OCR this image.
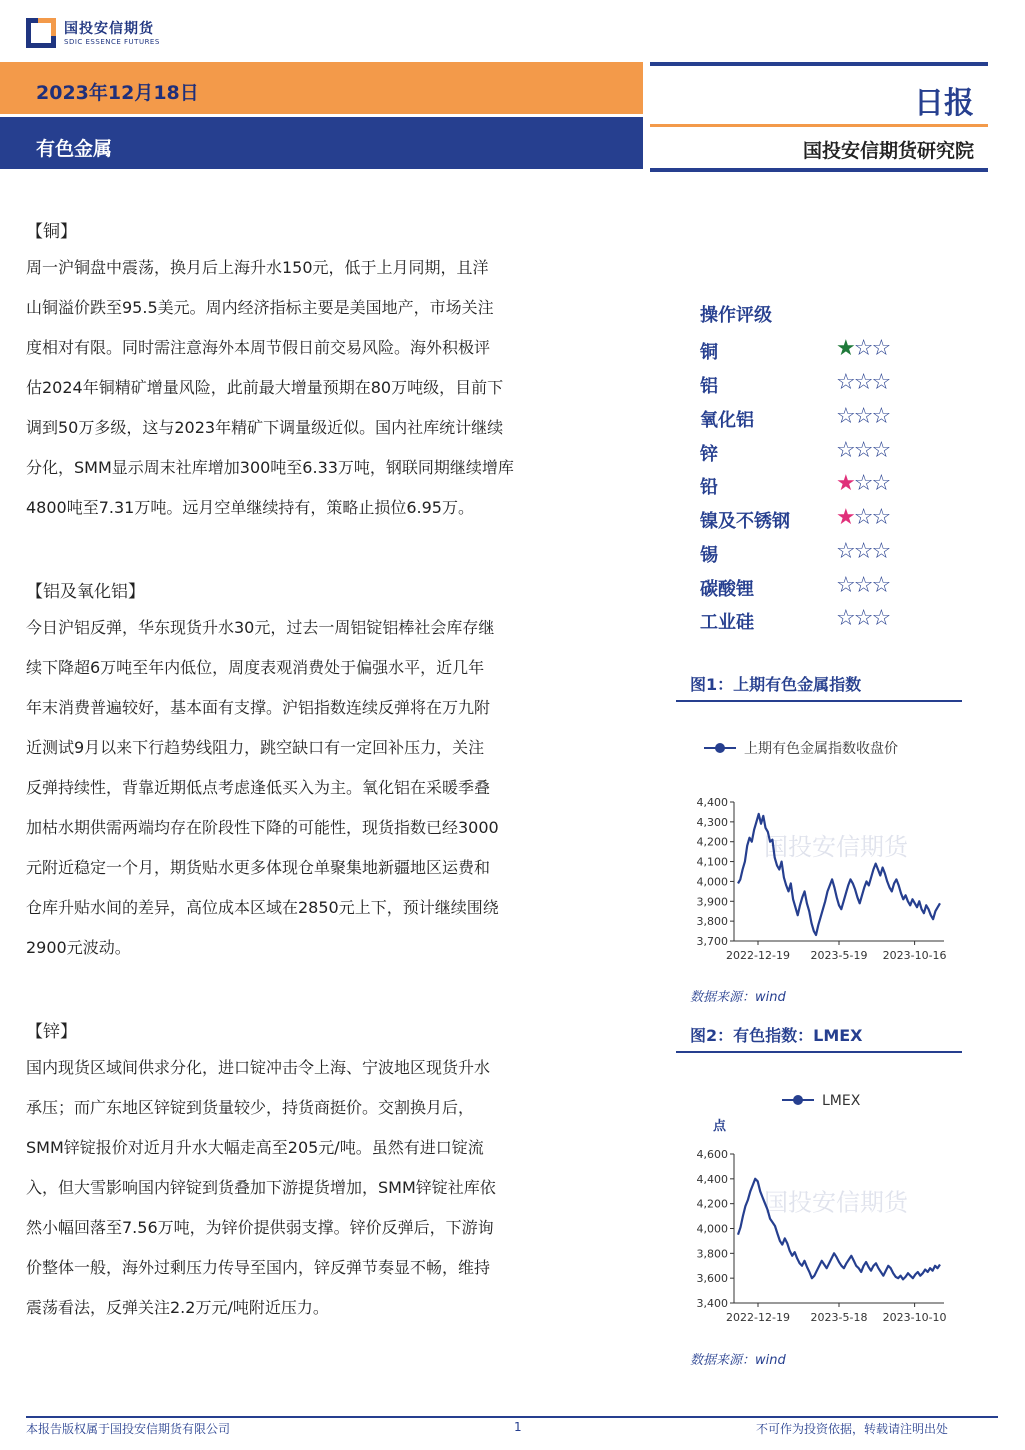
国投安信期货
SDIC ESSENCE FUTURES
2023年12月18日
有色金属
日报
国投安信期货研究院
【铜】
周一沪铜盘中震荡，换月后上海升水150元，低于上月同期，且洋
山铜溢价跌至95.5美元。周内经济指标主要是美国地产，市场关注
度相对有限。同时需注意海外本周节假日前交易风险。海外积极评
估2024年铜精矿增量风险，此前最大增量预期在80万吨级，目前下
调到50万多级，这与2023年精矿下调量级近似。国内社库统计继续
分化，SMM显示周末社库增加300吨至6.33万吨，钢联同期继续增库
4800吨至7.31万吨。远月空单继续持有，策略止损位6.95万。
【铝及氧化铝】
今日沪铝反弹，华东现货升水30元，过去一周铝锭铝棒社会库存继
续下降超6万吨至年内低位，周度表观消费处于偏强水平，近几年
年末消费普遍较好，基本面有支撑。沪铝指数连续反弹将在万九附
近测试9月以来下行趋势线阻力，跳空缺口有一定回补压力，关注
反弹持续性，背靠近期低点考虑逢低买入为主。氧化铝在采暖季叠
加枯水期供需两端均存在阶段性下降的可能性，现货指数已经3000
元附近稳定一个月，期货贴水更多体现仓单聚集地新疆地区运费和
仓库升贴水间的差异，高位成本区域在2850元上下，预计继续围绕
2900元波动。
【锌】
国内现货区域间供求分化，进口锭冲击令上海、宁波地区现货升水
承压；而广东地区锌锭到货量较少，持货商挺价。交割换月后，
SMM锌锭报价对近月升水大幅走高至205元/吨。虽然有进口锭流
入，但大雪影响国内锌锭到货叠加下游提货增加，SMM锌锭社库依
然小幅回落至7.56万吨，为锌价提供弱支撑。锌价反弹后，下游询
价整体一般，海外过剩压力传导至国内，锌反弹节奏显不畅，维持
震荡看法，反弹关注2.2万元/吨附近压力。
操作评级
铜	★☆☆
铝	☆☆☆
氧化铝	☆☆☆
锌	☆☆☆
铅	★☆☆
镍及不锈钢 ★☆☆
锡	☆☆☆
碳酸锂	☆☆☆
工业硅	☆☆☆
图1：上期有色金属指数
上期有色金属指数收盘价
国投安信期货
3,700
3,800
3,900
4,000
4,100
4,200
4,300
4,400
2022-12-19 2023-5-19 2023-10-16
数据来源：wind
图2：有色指数：LMEX
LMEX
点
国投安信期货
3,400
3,600
3,800
4,000
4,200
4,400
4,600
2022-12-19 2023-5-18 2023-10-10
数据来源：wind
本报告版权属于国投安信期货有限公司	1	不可作为投资依据，转载请注明出处
